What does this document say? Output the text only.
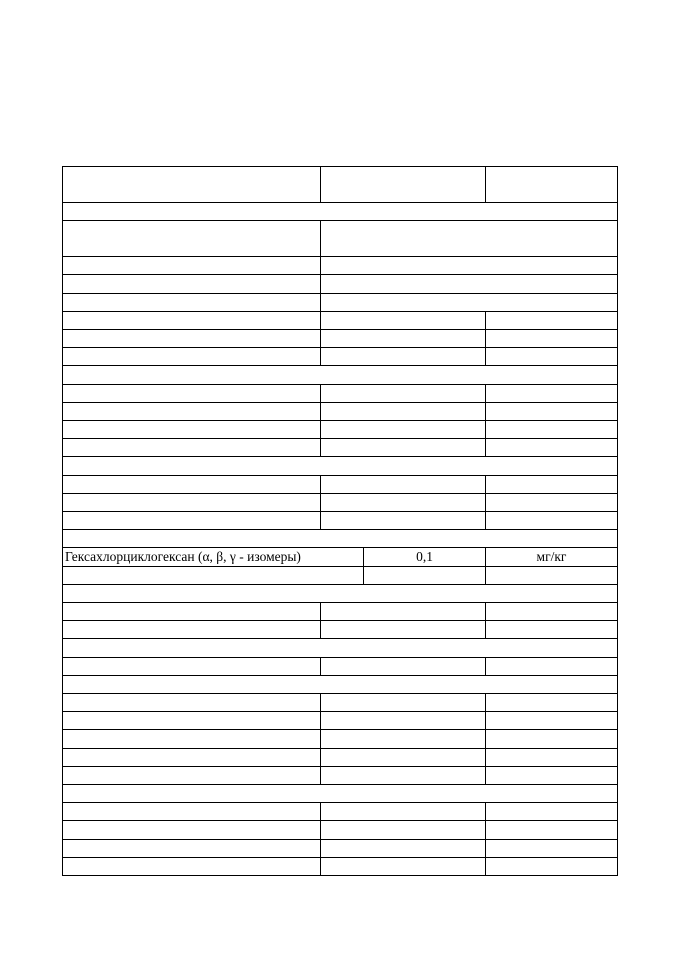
Гексахлорциклогексан (α, β, γ - изомеры)	0,1	мг/кг
